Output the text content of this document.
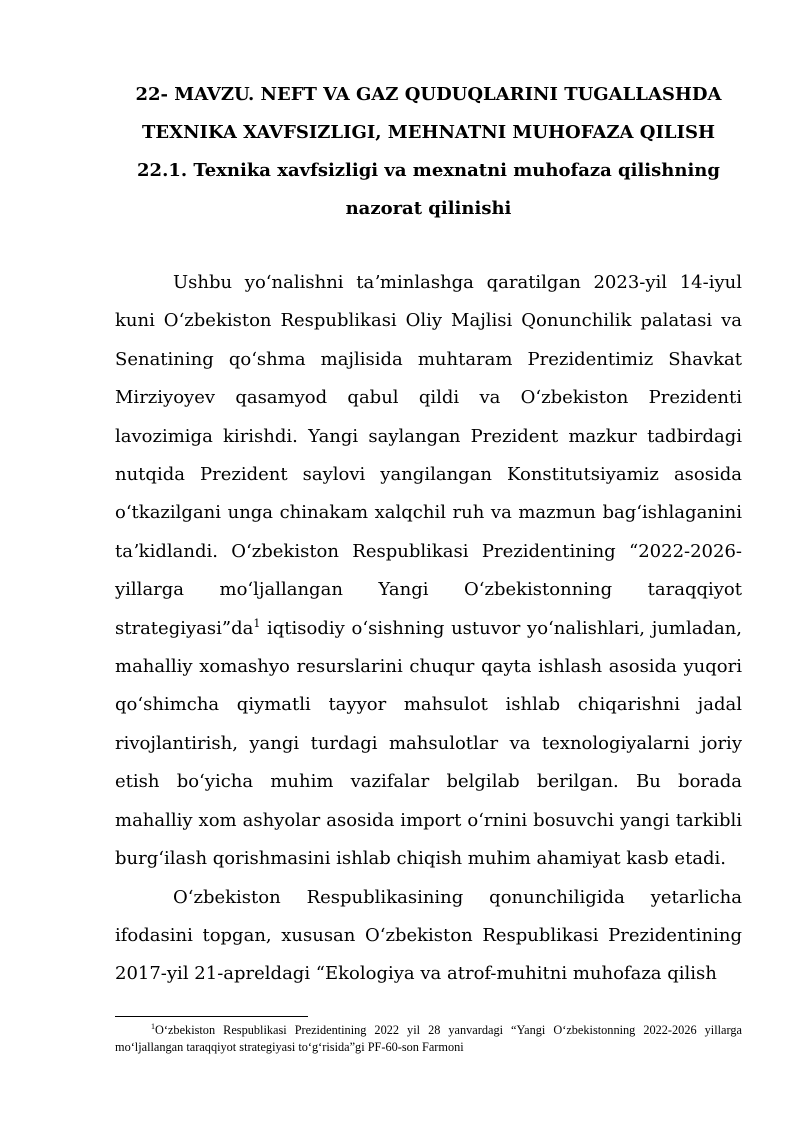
22- MAVZU. NEFT VA GAZ QUDUQLARINI TUGALLASHDA
TEXNIKA XAVFSIZLIGI, MEHNATNI MUHOFAZA QILISH
22.1. Texnika xavfsizligi va mexnatni muhofaza qilishning
nazorat qilinishi

Ushbu yoʻnalishni taʼminlashga qaratilgan 2023-yil 14-iyul kuni Oʻzbekiston Respublikasi Oliy Majlisi Qonunchilik palatasi va Senatining qoʻshma majlisida muhtaram Prezidentimiz Shavkat Mirziyoyev qasamyod qabul qildi va Oʻzbekiston Prezidenti lavozimiga kirishdi. Yangi saylangan Prezident mazkur tadbirdagi nutqida Prezident saylovi yangilangan Konstitutsiyamiz asosida oʻtkazilgani unga chinakam xalqchil ruh va mazmun bagʻishlaganini taʼkidlandi. Oʻzbekiston Respublikasi Prezidentining “2022-2026-yillarga moʻljallangan Yangi Oʻzbekistonning taraqqiyot $strategiyasi”da^1$ iqtisodiy oʻsishning ustuvor yoʻnalishlari, jumladan, mahalliy xomashyo resurslarini chuqur qayta ishlash asosida yuqori qoʻshimcha qiymatli tayyor mahsulot ishlab chiqarishni jadal rivojlantirish, yangi turdagi mahsulotlar va texnologiyalarni joriy etish boʻyicha muhim vazifalar belgilab berilgan. Bu borada mahalliy xom ashyolar asosida import oʻrnini bosuvchi yangi tarkibli burgʻilash qorishmasini ishlab chiqish muhim ahamiyat kasb etadi.

Oʻzbekiston Respublikasining qonunchiligida yetarlicha ifodasini topgan, xususan Oʻzbekiston Respublikasi Prezidentining 2017-yil 21-apreldagi “Ekologiya va atrof-muhitni muhofaza qilish

$^1$Oʻzbekiston Respublikasi Prezidentining 2022 yil 28 yanvardagi “Yangi Oʻzbekistonning 2022-2026 yillarga moʻljallangan taraqqiyot strategiyasi toʻgʻrisida”gi PF-60-son Farmoni
